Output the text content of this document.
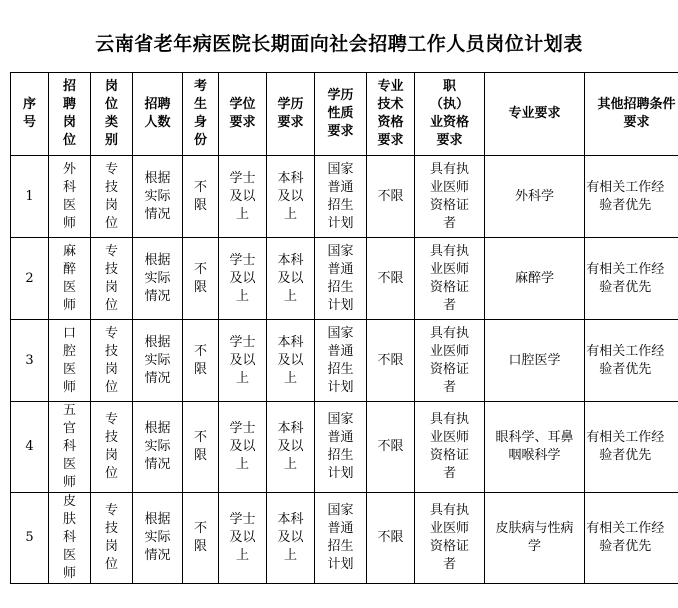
云南省老年病医院长期面向社会招聘工作人员岗位计划表
序号	招聘岗位	岗位类别	招聘人数	考生身份	学位要求	学历要求	学历性质要求	专业技术资格要求	职（执）业资格要求	专业要求	其他招聘条件要求

1	外科医师	专技岗位	根据实际情况	不限	学士及以上	本科及以上	国家普通招生计划	不限	具有执业医师资格证者	外科学	有相关工作经验者优先

2	麻醉医师	专技岗位	根据实际情况	不限	学士及以上	本科及以上	国家普通招生计划	不限	具有执业医师资格证者	麻醉学	有相关工作经验者优先

3	口腔医师	专技岗位	根据实际情况	不限	学士及以上	本科及以上	国家普通招生计划	不限	具有执业医师资格证者	口腔医学	有相关工作经验者优先

4	五官科医师	专技岗位	根据实际情况	不限	学士及以上	本科及以上	国家普通招生计划	不限	具有执业医师资格证者	眼科学、耳鼻咽喉科学	有相关工作经验者优先

5	皮肤科医师	专技岗位	根据实际情况	不限	学士及以上	本科及以上	国家普通招生计划	不限	具有执业医师资格证者	皮肤病与性病学	有相关工作经验者优先
